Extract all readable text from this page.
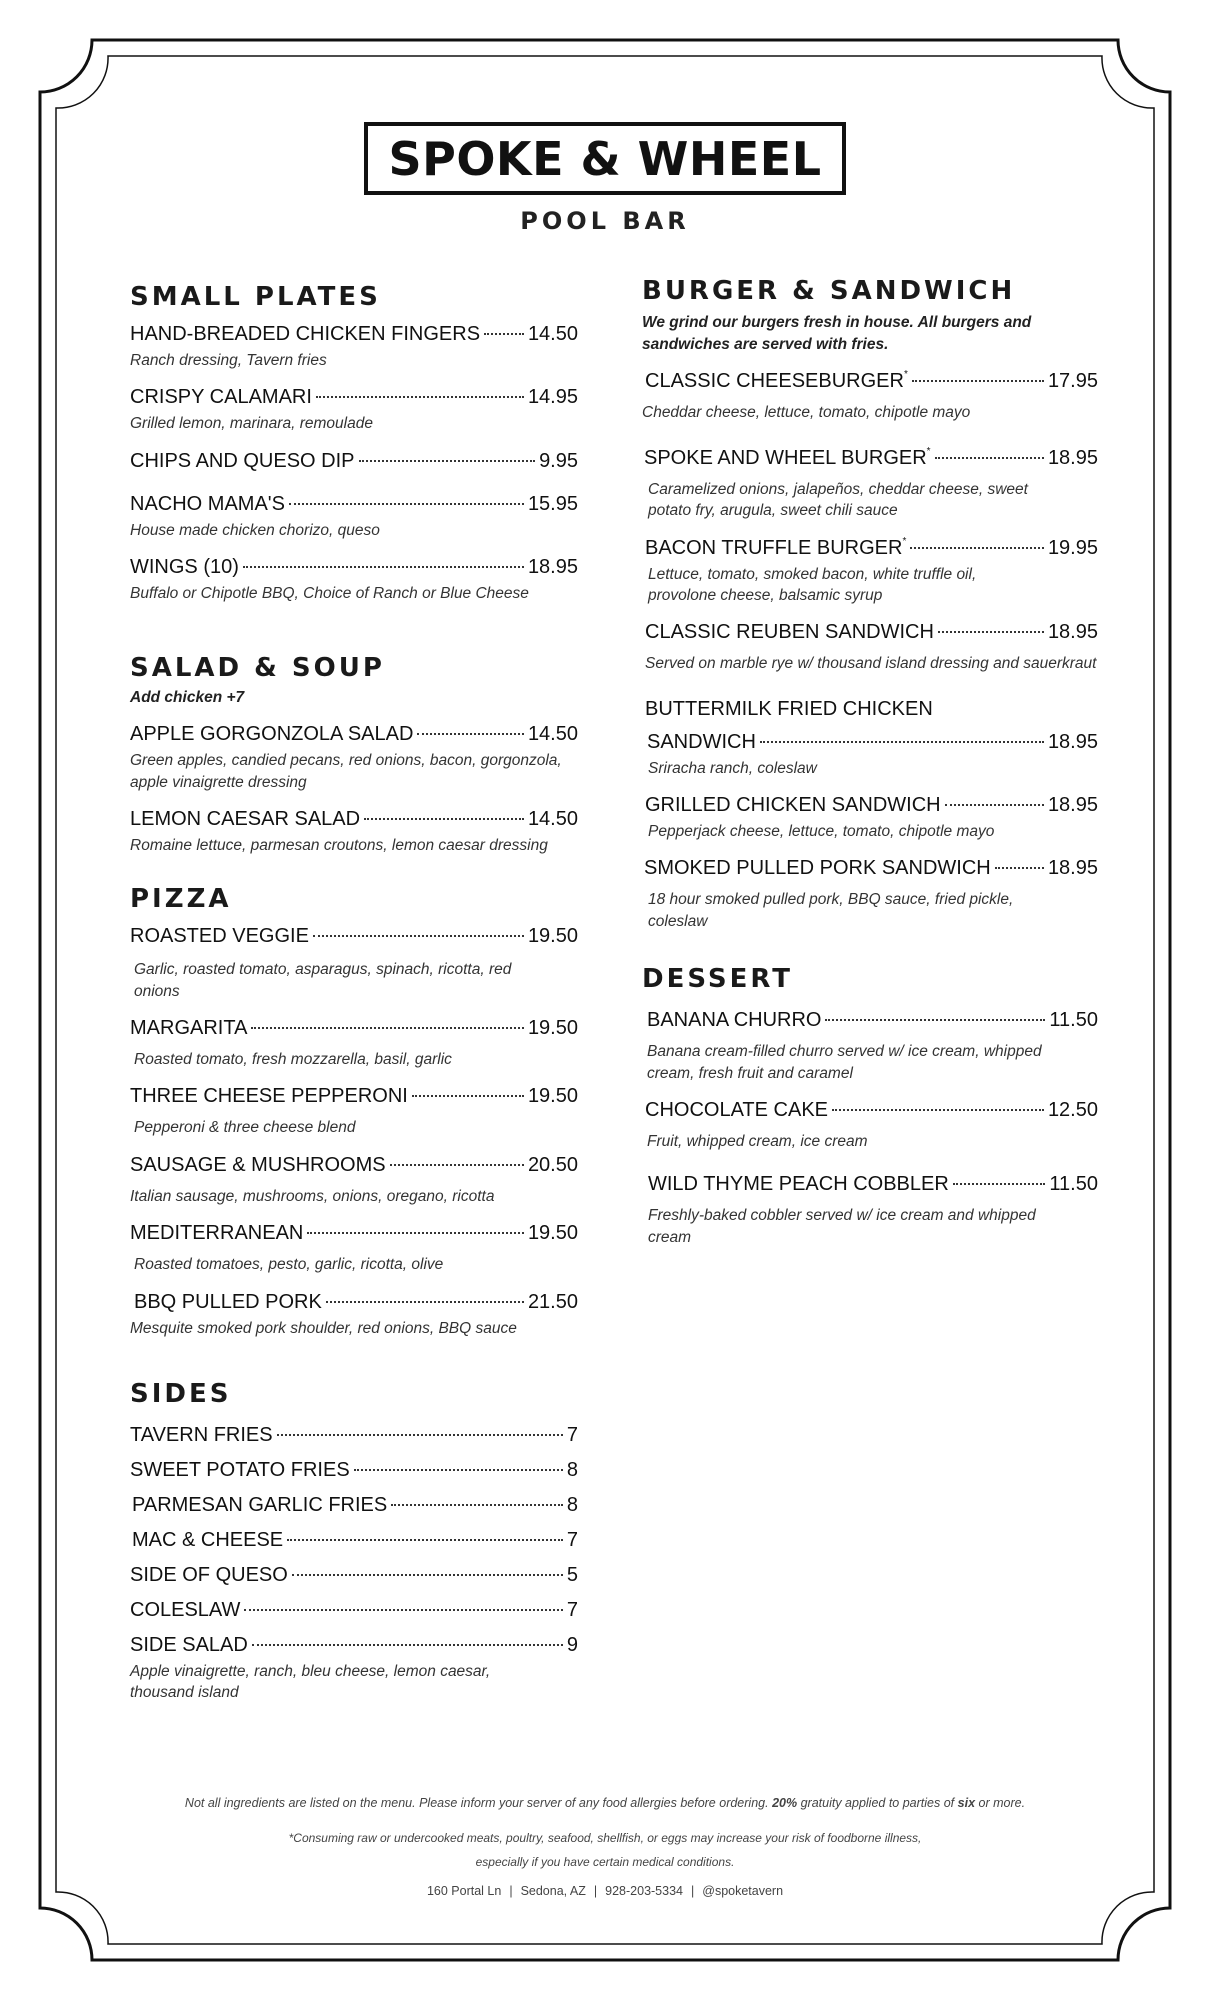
SPOKE & WHEEL
POOL BAR
SMALL PLATES
HAND-BREADED CHICKEN FINGERS 14.50
Ranch dressing, Tavern fries
CRISPY CALAMARI	14.95
Grilled lemon, marinara, remoulade
CHIPS AND QUESO DIP	9.95
NACHO MAMA'S	15.95
House made chicken chorizo, queso
WINGS (10)	18.95
Buffalo or Chipotle BBQ, Choice of Ranch or Blue Cheese
SALAD & SOUP
Add chicken +7
APPLE GORGONZOLA SALAD	14.50
Green apples, candied pecans, red onions, bacon, gorgonzola, apple vinaigrette dressing
LEMON CAESAR SALAD	14.50
Romaine lettuce, parmesan croutons, lemon caesar dressing
PIZZA
ROASTED VEGGIE	19.50
Garlic, roasted tomato, asparagus, spinach, ricotta, red onions
MARGARITA	19.50
Roasted tomato, fresh mozzarella, basil, garlic
THREE CHEESE PEPPERONI	19.50
Pepperoni & three cheese blend
SAUSAGE & MUSHROOMS	20.50
Italian sausage, mushrooms, onions, oregano, ricotta
MEDITERRANEAN	19.50
Roasted tomatoes, pesto, garlic, ricotta, olive
BBQ PULLED PORK	21.50
Mesquite smoked pork shoulder, red onions, BBQ sauce
SIDES
TAVERN FRIES	7
SWEET POTATO FRIES	8
PARMESAN GARLIC FRIES	8
MAC & CHEESE	7
SIDE OF QUESO	5
COLESLAW	7
SIDE SALAD	9
Apple vinaigrette, ranch, bleu cheese, lemon caesar, thousand island
BURGER & SANDWICH
We grind our burgers fresh in house. All burgers and sandwiches are served with fries.
CLASSIC CHEESEBURGER*	17.95
Cheddar cheese, lettuce, tomato, chipotle mayo
SPOKE AND WHEEL BURGER*	18.95
Caramelized onions, jalapeños, cheddar cheese, sweet potato fry, arugula, sweet chili sauce
BACON TRUFFLE BURGER*	19.95
Lettuce, tomato, smoked bacon, white truffle oil, provolone cheese, balsamic syrup
CLASSIC REUBEN SANDWICH	18.95
Served on marble rye w/ thousand island dressing and sauerkraut
BUTTERMILK FRIED CHICKEN
SANDWICH	18.95
Sriracha ranch, coleslaw
GRILLED CHICKEN SANDWICH	18.95
Pepperjack cheese, lettuce, tomato, chipotle mayo
SMOKED PULLED PORK SANDWICH	18.95
18 hour smoked pulled pork, BBQ sauce, fried pickle, coleslaw
DESSERT
BANANA CHURRO	11.50
Banana cream-filled churro served w/ ice cream, whipped cream, fresh fruit and caramel
CHOCOLATE CAKE	12.50
Fruit, whipped cream, ice cream
WILD THYME PEACH COBBLER	11.50
Freshly-baked cobbler served w/ ice cream and whipped cream
Not all ingredients are listed on the menu. Please inform your server of any food allergies before ordering. 20% gratuity applied to parties of six or more.
*Consuming raw or undercooked meats, poultry, seafood, shellfish, or eggs may increase your risk of foodborne illness,
especially if you have certain medical conditions.
160 Portal Ln | Sedona, AZ | 928-203-5334 | @spoketavern
